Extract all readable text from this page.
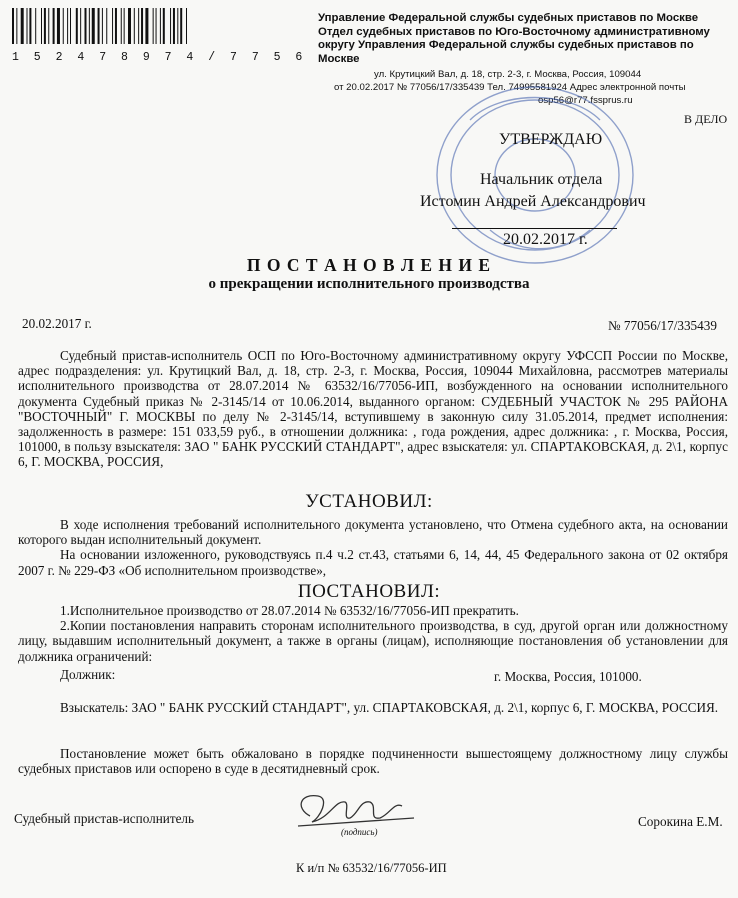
1 5 2 4 7 8 9 7 4 / 7 7 5 6
Управление Федеральной службы судебных приставов по Москве
Отдел судебных приставов по Юго-Восточному административному
округу Управления Федеральной службы судебных приставов по
Москве
ул. Крутицкий Вал, д. 18, стр. 2-3, г. Москва, Россия, 109044
от 20.02.2017 № 77056/17/335439 Тел. 74995581924 Адрес электронной почты
osp56@r77.fssprus.ru
В ДЕЛО
УТВЕРЖДАЮ
Начальник отдела
Истомин Андрей Александрович
20.02.2017 г.
П О С Т А Н О В Л Е Н И Е
о прекращении исполнительного производства
20.02.2017 г.	№ 77056/17/335439

Судебный пристав-исполнитель ОСП по Юго-Восточному административному округу УФССП России по Москве, адрес подразделения: ул. Крутицкий Вал, д. 18, стр. 2-3, г. Москва, Россия, 109044 Михайловна, рассмотрев материалы исполнительного производства от 28.07.2014 № 63532/16/77056-ИП, возбужденного на основании исполнительного документа Судебный приказ № 2-3145/14 от 10.06.2014, выданного органом: СУДЕБНЫЙ УЧАСТОК № 295 РАЙОНА "ВОСТОЧНЫЙ" Г. МОСКВЫ по делу № 2-3145/14, вступившему в законную силу 31.05.2014, предмет исполнения: задолженность в размере: 151 033,59 руб., в отношении должника: , года рождения, адрес должника: , г. Москва, Россия, 101000, в пользу взыскателя: ЗАО " БАНК РУССКИЙ СТАНДАРТ", адрес взыскателя: ул. СПАРТАКОВСКАЯ, д. 2\1, корпус 6, Г. МОСКВА, РОССИЯ,

УСТАНОВИЛ:

В ходе исполнения требований исполнительного документа установлено, что Отмена судебного акта, на основании которого выдан исполнительный документ.

На основании изложенного, руководствуясь п.4 ч.2 ст.43, статьями 6, 14, 44, 45 Федерального закона от 02 октября 2007 г. № 229-ФЗ «Об исполнительном производстве»,

ПОСТАНОВИЛ:

1.Исполнительное производство от 28.07.2014 № 63532/16/77056-ИП прекратить.

2.Копии постановления направить сторонам исполнительного производства, в суд, другой орган или должностному лицу, выдавшим исполнительный документ, а также в органы (лицам), исполняющие постановления об установлении для должника ограничений:

Должник:	г. Москва, Россия, 101000.

Взыскатель: ЗАО " БАНК РУССКИЙ СТАНДАРТ", ул. СПАРТАКОВСКАЯ, д. 2\1, корпус 6, Г. МОСКВА, РОССИЯ.

Постановление может быть обжаловано в порядке подчиненности вышестоящему должностному лицу службы судебных приставов или оспорено в суде в десятидневный срок.

Судебный пристав-исполнитель
(подпись)
Сорокина Е.М.
К и/п № 63532/16/77056-ИП
